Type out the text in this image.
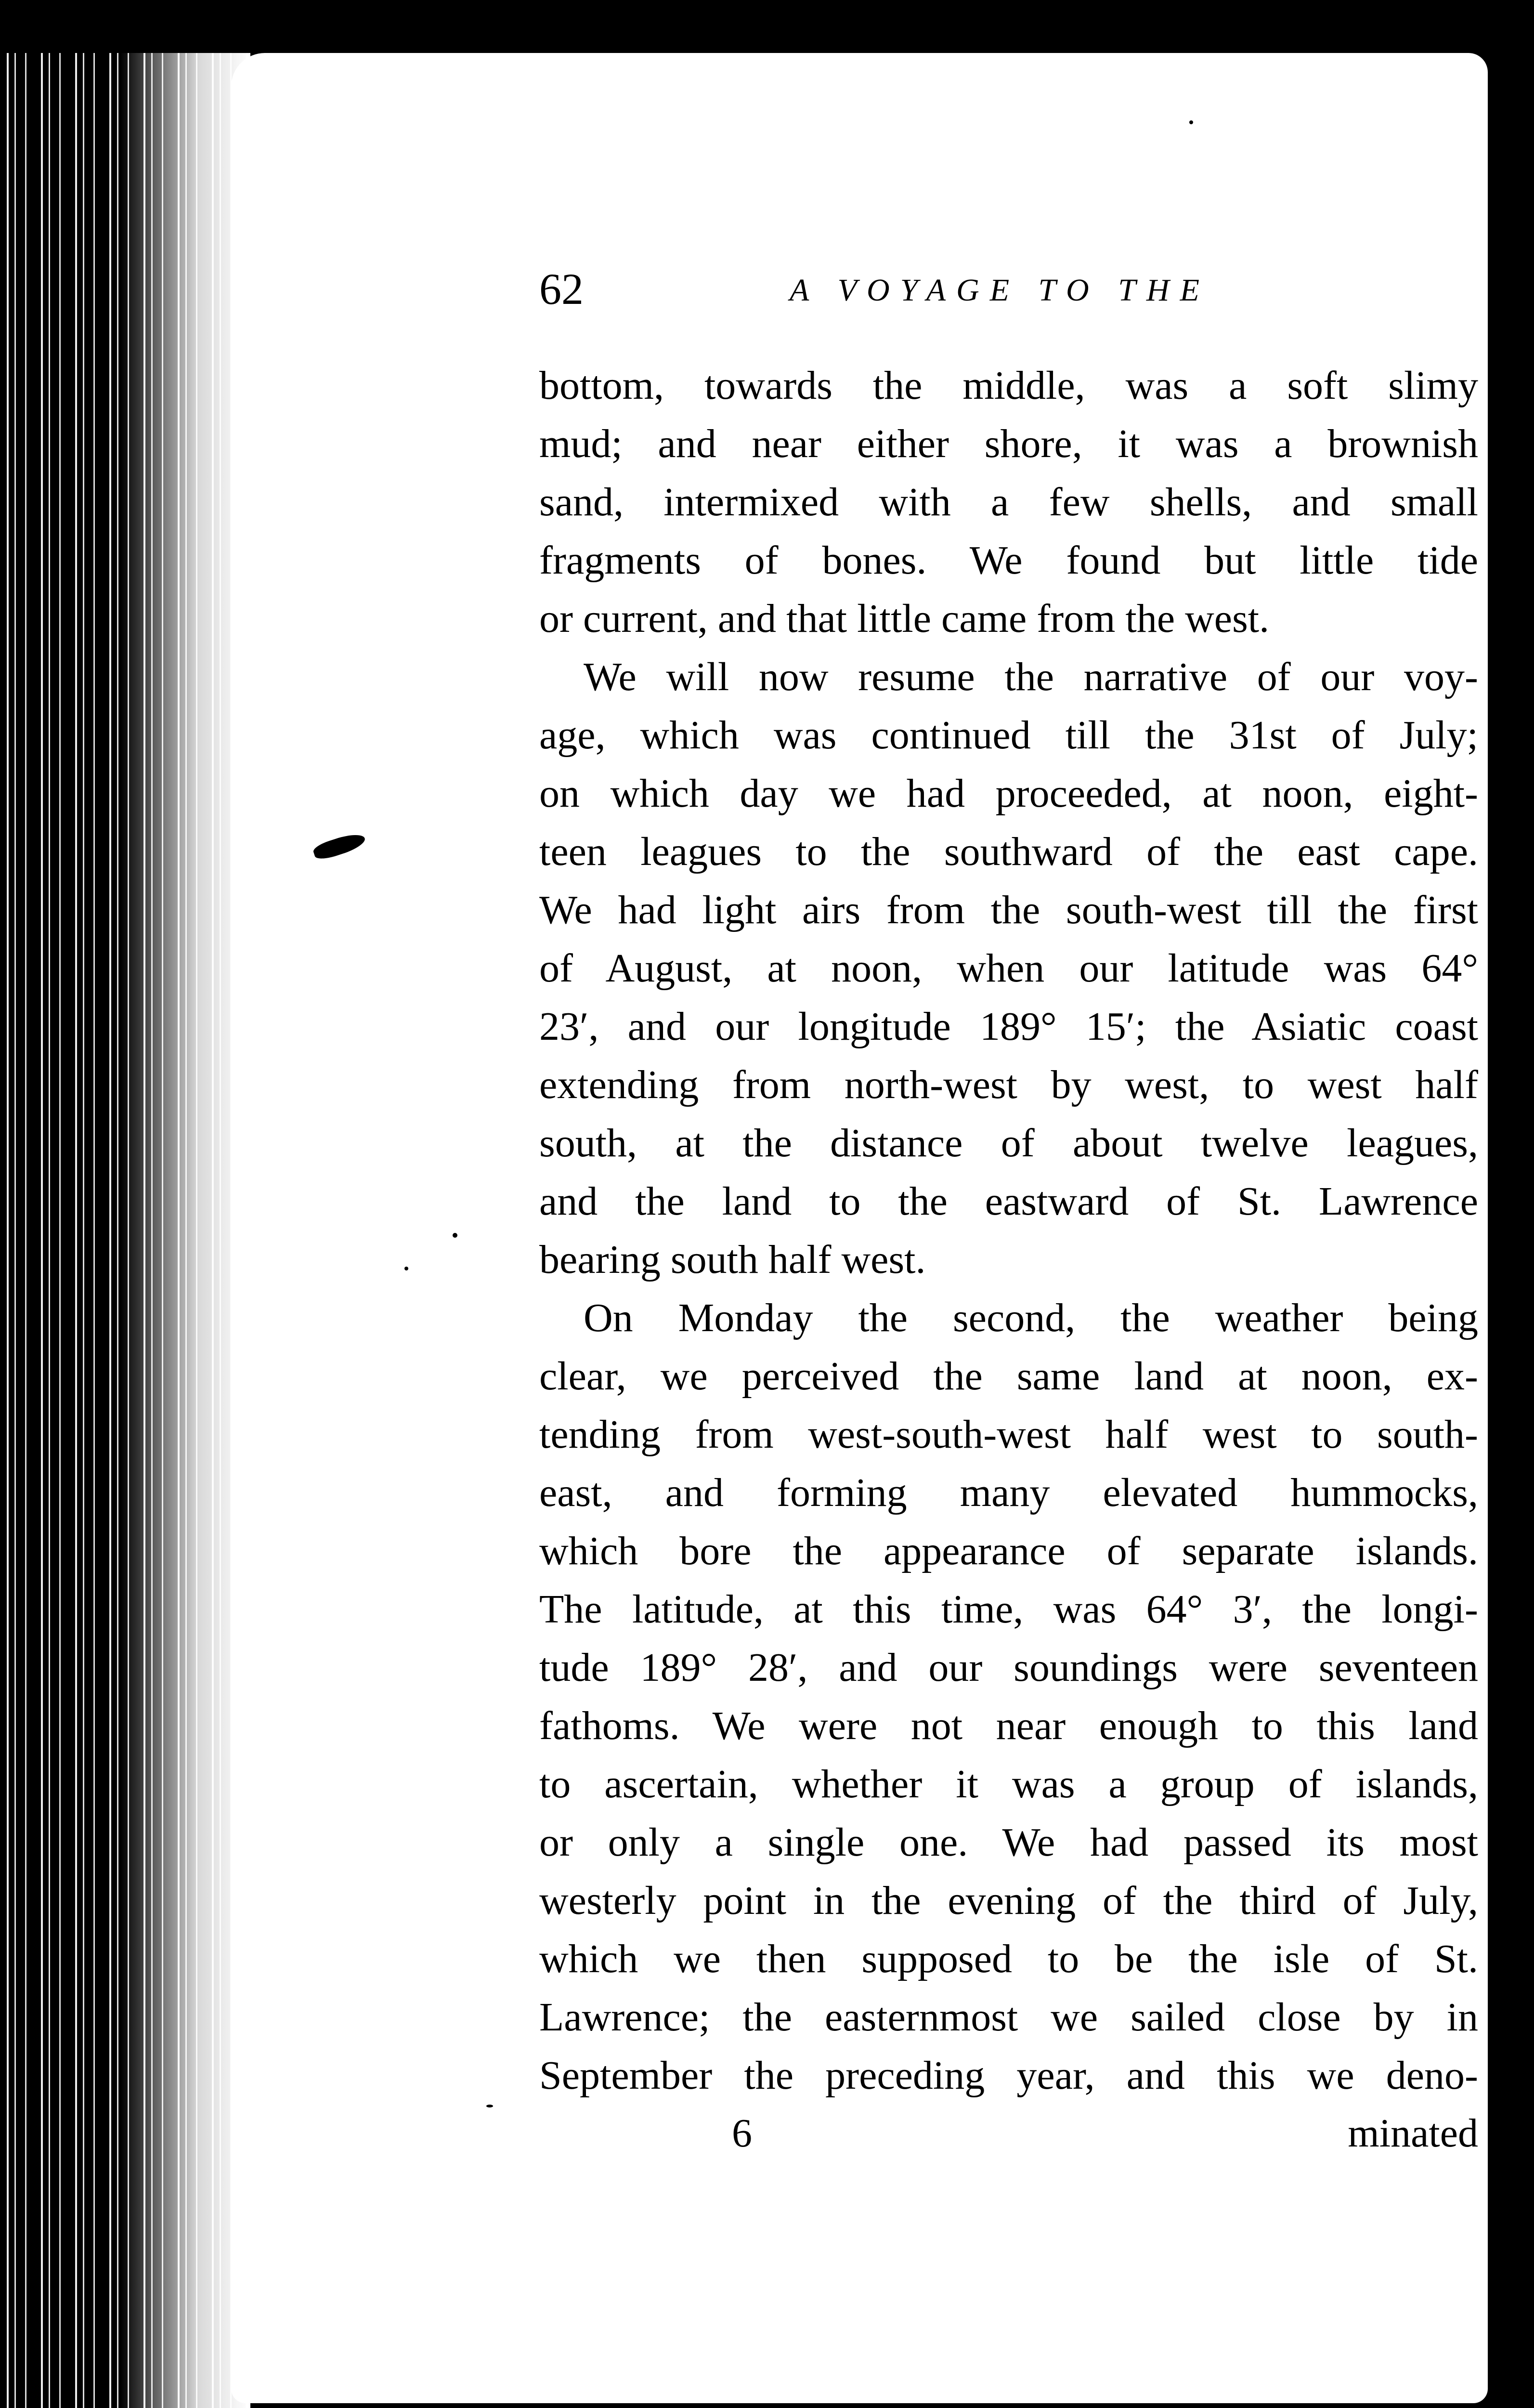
62	A VOYAGE TO THE
bottom, towards the middle, was a soft slimy
mud; and near either shore, it was a brownish
sand, intermixed with a few shells, and small
fragments of bones. We found but little tide
or current, and that little came from the west.
We will now resume the narrative of our voy-
age, which was continued till the 31st of July;
on which day we had proceeded, at noon, eight-
teen leagues to the southward of the east cape.
We had light airs from the south-west till the first
of August, at noon, when our latitude was 64°
23′, and our longitude 189° 15′; the Asiatic coast
extending from north-west by west, to west half
south, at the distance of about twelve leagues,
and the land to the eastward of St. Lawrence
bearing south half west.
On Monday the second, the weather being
clear, we perceived the same land at noon, ex-
tending from west-south-west half west to south-
east, and forming many elevated hummocks,
which bore the appearance of separate islands.
The latitude, at this time, was 64° 3′, the longi-
tude 189° 28′, and our soundings were seventeen
fathoms. We were not near enough to this land
to ascertain, whether it was a group of islands,
or only a single one. We had passed its most
westerly point in the evening of the third of July,
which we then supposed to be the isle of St.
Lawrence; the easternmost we sailed close by in
September the preceding year, and this we deno-
6	minated
